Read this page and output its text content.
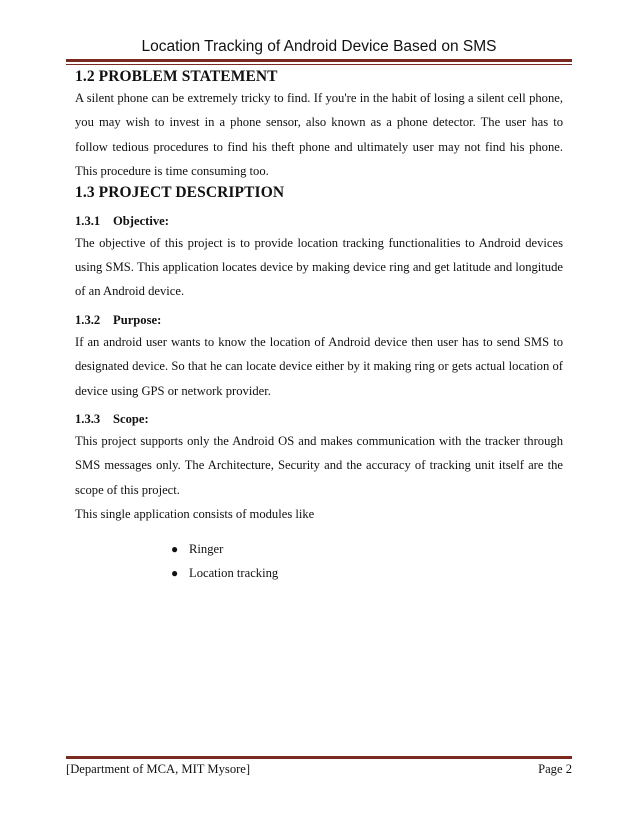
Location Tracking of Android Device Based on SMS
1.2 PROBLEM STATEMENT

A silent phone can be extremely tricky to find. If you're in the habit of losing a silent cell phone, you may wish to invest in a phone sensor, also known as a phone detector. The user has to follow tedious procedures to find his theft phone and ultimately user may not find his phone. This procedure is time consuming too.

1.3 PROJECT DESCRIPTION
1.3.1 Objective:

The objective of this project is to provide location tracking functionalities to Android devices using SMS. This application locates device by making device ring and get latitude and longitude of an Android device.

1.3.2 Purpose:

If an android user wants to know the location of Android device then user has to send SMS to designated device. So that he can locate device either by it making ring or gets actual location of device using GPS or network provider.

1.3.3 Scope:

This project supports only the Android OS and makes communication with the tracker through SMS messages only. The Architecture, Security and the accuracy of tracking unit itself are the scope of this project.

This single application consists of modules like

● Ringer
● Location tracking
[Department of MCA, MIT Mysore]	Page 2
